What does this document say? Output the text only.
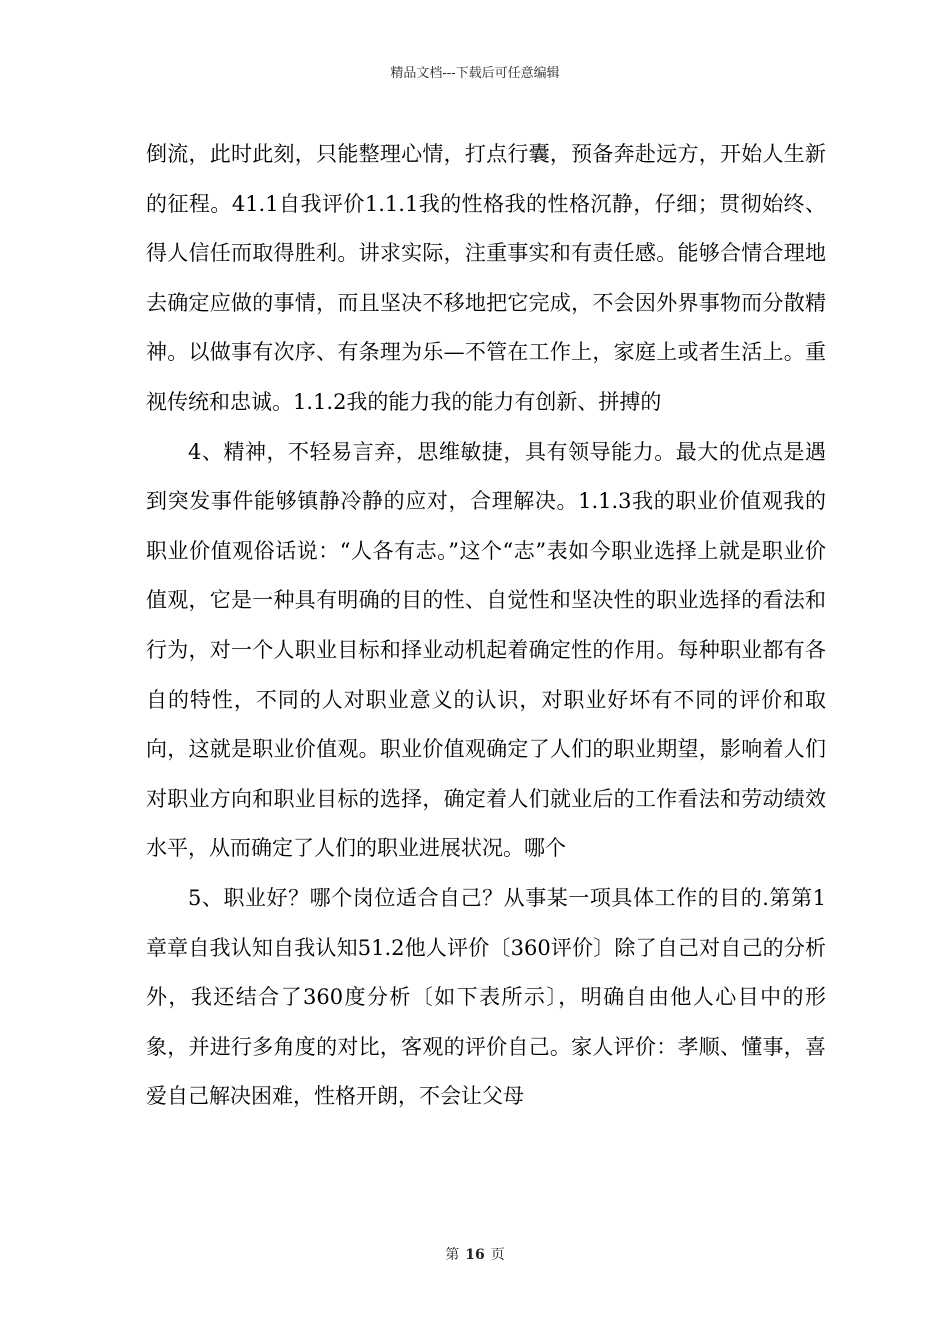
精品文档---下载后可任意编辑

倒流，此时此刻，只能整理心情，打点行囊，预备奔赴远方，开始人生新的征程。41.1自我评价1.1.1我的性格我的性格沉静，仔细；贯彻始终、得人信任而取得胜利。讲求实际，注重事实和有责任感。能够合情合理地去确定应做的事情，而且坚决不移地把它完成，不会因外界事物而分散精神。以做事有次序、有条理为乐—不管在工作上，家庭上或者生活上。重视传统和忠诚。1.1.2我的能力我的能力有创新、拼搏的

4、精神，不轻易言弃，思维敏捷，具有领导能力。最大的优点是遇到突发事件能够镇静冷静的应对，合理解决。1.1.3我的职业价值观我的职业价值观俗话说：“人各有志。”这个“志”表如今职业选择上就是职业价值观，它是一种具有明确的目的性、自觉性和坚决性的职业选择的看法和行为，对一个人职业目标和择业动机起着确定性的作用。每种职业都有各自的特性，不同的人对职业意义的认识，对职业好坏有不同的评价和取向，这就是职业价值观。职业价值观确定了人们的职业期望，影响着人们对职业方向和职业目标的选择，确定着人们就业后的工作看法和劳动绩效水平，从而确定了人们的职业进展状况。哪个

5、职业好？哪个岗位适合自己？从事某一项具体工作的目的.第第1章章自我认知自我认知51.2他人评价〔360评价〕除了自己对自己的分析外，我还结合了360度分析〔如下表所示〕，明确自由他人心目中的形象，并进行多角度的对比，客观的评价自己。家人评价：孝顺、懂事，喜爱自己解决困难，性格开朗，不会让父母

第 16 页
